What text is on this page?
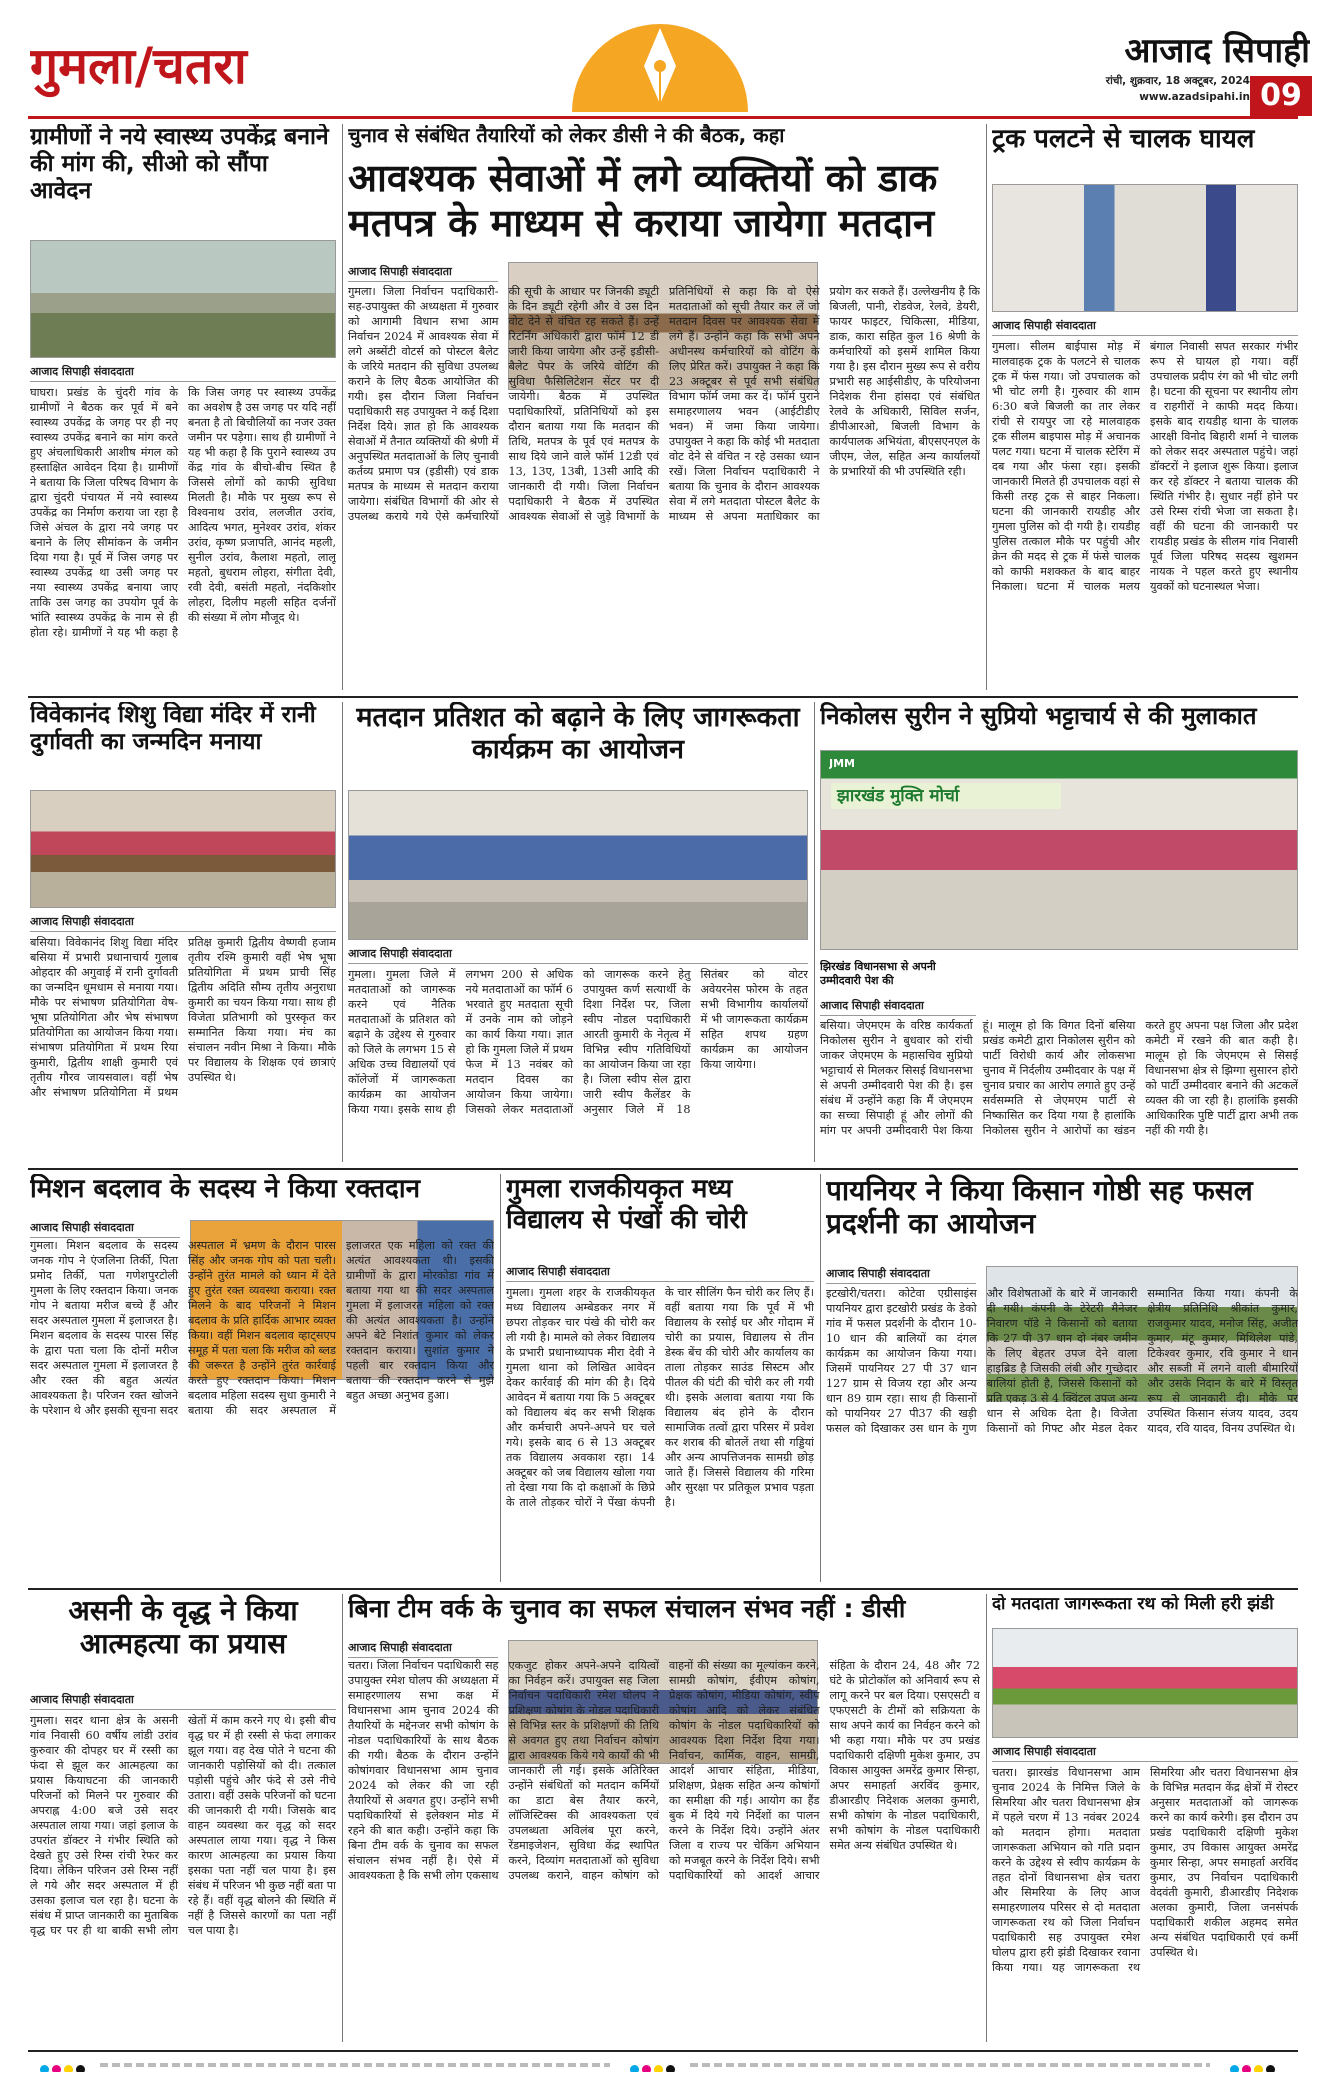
गुमला/चतरा	आजाद सिपाही
रांची, शुक्रवार, 18 अक्टूबर, 2024
www.azadsipahi.in 09
ग्रामीणों ने नये स्वास्थ्य उपकेंद्र बनाने की मांग की, सीओ को सौंपा आवेदन
आजाद सिपाही संवाददाता
घाघरा। प्रखंड के चुंदरी गांव के ग्रामीणों ने बैठक कर पूर्व में बने स्वास्थ्य उपकेंद्र के जगह पर ही नए स्वास्थ्य उपकेंद्र बनाने का मांग करते हुए अंचलाधिकारी आशीष मंगल को हस्ताक्षित आवेदन दिया है। ग्रामीणों ने बताया कि जिला परिषद विभाग के द्वारा चुंदरी पंचायत में नये स्वास्थ्य उपकेंद्र का निर्माण कराया जा रहा है जिसे अंचल के द्वारा नये जगह पर बनाने के लिए सीमांकन के जमीन दिया गया है। पूर्व में जिस जगह पर स्वास्थ्य उपकेंद्र था उसी जगह पर नया स्वास्थ्य उपकेंद्र बनाया जाए ताकि उस जगह का उपयोग पूर्व के भांति स्वास्थ्य उपकेंद्र के नाम से ही होता रहे। ग्रामीणों ने यह भी कहा है कि जिस जगह पर स्वास्थ्य उपकेंद्र का अवशेष है उस जगह पर यदि नहीं बनता है तो बिचौलियों का नजर उक्त जमीन पर पड़ेगा। साथ ही ग्रामीणों ने यह भी कहा है कि पुराने स्वास्थ्य उप केंद्र गांव के बीचो-बीच स्थित है जिससे लोगों को काफी सुविधा मिलती है। मौके पर मुख्य रूप से विश्वनाथ उरांव, ललजीत उरांव, आदित्य भगत, मुनेश्वर उरांव, शंकर उरांव, कृष्ण प्रजापति, आनंद महली, सुनील उरांव, कैलाश महतो, लालू महतो, बुधराम लोहरा, संगीता देवी, रवी देवी, बसंती महतो, नंदकिशोर लोहरा, दिलीप महली सहित दर्जनों की संख्या में लोग मौजूद थे।
चुनाव से संबंधित तैयारियों को लेकर डीसी ने की बैठक, कहा
आवश्यक सेवाओं में लगे व्यक्तियों को डाक मतपत्र के माध्यम से कराया जायेगा मतदान
आजाद सिपाही संवाददाता
गुमला। जिला निर्वाचन पदाधिकारी-सह-उपायुक्त की अध्यक्षता में गुरुवार को आगामी विधान सभा आम निर्वाचन 2024 में आवश्यक सेवा में लगे अब्सेंटी वोटर्स को पोस्टल बैलेट के जरिये मतदान की सुविधा उपलब्ध कराने के लिए बैठक आयोजित की गयी। इस दौरान जिला निर्वाचन पदाधिकारी सह उपायुक्त ने कई दिशा निर्देश दिये। ज्ञात हो कि आवश्यक सेवाओं में तैनात व्यक्तियों की श्रेणी में अनुपस्थित मतदाताओं के लिए चुनावी कर्तव्य प्रमाण पत्र (इडीसी) एवं डाक मतपत्र के माध्यम से मतदान कराया जायेगा। संबंधित विभागों की ओर से उपलब्ध कराये गये ऐसे कर्मचारियों की सूची के आधार पर जिनकी ड्यूटी के दिन ड्यूटी रहेगी और वे उस दिन वोट देने से वंचित रह सकते हैं। उन्हें रिटर्निंग अधिकारी द्वारा फॉर्म 12 डी जारी किया जायेगा और उन्हें इडीसी-बैलेट पेपर के जरिये वोटिंग की सुविधा फैसिलिटेशन सेंटर पर दी जायेगी। बैठक में उपस्थित पदाधिकारियों, प्रतिनिधियों को इस दौरान बताया गया कि मतदान की तिथि, मतपत्र के पूर्व एवं मतपत्र के साथ दिये जाने वाले फॉर्म 12डी एवं 13, 13ए, 13बी, 13सी आदि की जानकारी दी गयी। जिला निर्वाचन पदाधिकारी ने बैठक में उपस्थित आवश्यक सेवाओं से जुड़े विभागों के प्रतिनिधियों से कहा कि वो ऐसे मतदाताओं को सूची तैयार कर लें जो मतदान दिवस पर आवश्यक सेवा में लगे हैं। उन्होंने कहा कि सभी अपने अधीनस्थ कर्मचारियों को वोटिंग के लिए प्रेरित करें। उपायुक्त ने कहा कि 23 अक्टूबर से पूर्व सभी संबंधित विभाग फॉर्म जमा कर दें। फॉर्म पुराने समाहरणालय भवन (आईटीडीए भवन) में जमा किया जायेगा। उपायुक्त ने कहा कि कोई भी मतदाता वोट देने से वंचित न रहे उसका ध्यान रखें। जिला निर्वाचन पदाधिकारी ने बताया कि चुनाव के दौरान आवश्यक सेवा में लगे मतदाता पोस्टल बैलेट के माध्यम से अपना मताधिकार का प्रयोग कर सकते हैं। उल्लेखनीय है कि बिजली, पानी, रोडवेज, रेलवे, डेयरी, फायर फाइटर, चिकित्सा, मीडिया, डाक, कारा सहित कुल 16 श्रेणी के कर्मचारियों को इसमें शामिल किया गया है। इस दौरान मुख्य रूप से वरीय प्रभारी सह आईसीडीए, के परियोजना निदेशक रीना हांसदा एवं संबंधित रेलवे के अधिकारी, सिविल सर्जन, डीपीआरओ, बिजली विभाग के कार्यपालक अभियंता, बीएसएनएल के जीएम, जेल, सहित अन्य कार्यालयों के प्रभारियों की भी उपस्थिति रही।
ट्रक पलटने से चालक घायल
आजाद सिपाही संवाददाता
गुमला। सीलम बाईपास मोड़ में मालवाहक ट्रक के पलटने से चालक ट्रक में फंस गया। जो उपचालक को भी चोट लगी है। गुरुवार की शाम 6:30 बजे बिजली का तार लेकर रांची से रायपुर जा रहे मालवाहक ट्रक सीलम बाइपास मोड़ में अचानक पलट गया। घटना में चालक स्टेरिंग में दब गया और फंसा रहा। इसकी जानकारी मिलते ही उपचालक वहां से किसी तरह ट्रक से बाहर निकला। घटना की जानकारी रायडीह और गुमला पुलिस को दी गयी है। रायडीह पुलिस तत्काल मौके पर पहुंची और क्रेन की मदद से ट्रक में फंसे चालक को काफी मशक्कत के बाद बाहर निकाला। घटना में चालक मलय बंगाल निवासी सपत सरकार गंभीर रूप से घायल हो गया। वहीं उपचालक प्रदीप रंग को भी चोट लगी है। घटना की सूचना पर स्थानीय लोग व राहगीरों ने काफी मदद किया। इसके बाद रायडीह थाना के चालक आरक्षी विनोद बिहारी शर्मा ने चालक को लेकर सदर अस्पताल पहुंचे। जहां डॉक्टरों ने इलाज शुरू किया। इलाज कर रहे डॉक्टर ने बताया चालक की स्थिति गंभीर है। सुधार नहीं होने पर उसे रिम्स रांची भेजा जा सकता है। वहीं की घटना की जानकारी पर रायडीह प्रखंड के सीलम गांव निवासी पूर्व जिला परिषद सदस्य खुशमन नायक ने पहल करते हुए स्थानीय युवकों को घटनास्थल भेजा।
विवेकानंद शिशु विद्या मंदिर में रानी दुर्गावती का जन्मदिन मनाया
आजाद सिपाही संवाददाता
बसिया। विवेकानंद शिशु विद्या मंदिर बसिया में प्रभारी प्रधानाचार्य गुलाब ओहदार की अगुवाई में रानी दुर्गावती का जन्मदिन धूमधाम से मनाया गया। मौके पर संभाषण प्रतियोगिता वेष-भूषा प्रतियोगिता और भेष संभाषण प्रतियोगिता का आयोजन किया गया। संभाषण प्रतियोगिता में प्रथम रिया कुमारी, द्वितीय शाक्षी कुमारी एवं तृतीय गौरव जायसवाल। वहीं भेष और संभाषण प्रतियोगिता में प्रथम प्रतिक्ष कुमारी द्वितीय वेष्णवी हजाम तृतीय रश्मि कुमारी वहीं भेष भूषा प्रतियोगिता में प्रथम प्राची सिंह द्वितीय अदिति सौम्य तृतीय अनुराधा कुमारी का चयन किया गया। साथ ही विजेता प्रतिभागी को पुरस्कृत कर सम्मानित किया गया। मंच का संचालन नवीन मिश्रा ने किया। मौके पर विद्यालय के शिक्षक एवं छात्राएं उपस्थित थे।
मतदान प्रतिशत को बढ़ाने के लिए जागरूकता कार्यक्रम का आयोजन
आजाद सिपाही संवाददाता
गुमला। गुमला जिले में मतदाताओं को जागरूक करने एवं नैतिक मतदाताओं के प्रतिशत को बढ़ाने के उद्देश्य से गुरुवार को जिले के लगभग 15 से अधिक उच्च विद्यालयों एवं कॉलेजों में जागरूकता कार्यक्रम का आयोजन किया गया। इसके साथ ही लगभग 200 से अधिक नये मतदाताओं का फॉर्म 6 भरवाते हुए मतदाता सूची में उनके नाम को जोड़ने का कार्य किया गया। ज्ञात हो कि गुमला जिले में प्रथम फेज में 13 नवंबर को मतदान दिवस का आयोजन किया जायेगा। जिसको लेकर मतदाताओं को जागरूक करने हेतु उपायुक्त कर्ण सत्यार्थी के दिशा निर्देश पर, जिला स्वीप नोडल पदाधिकारी आरती कुमारी के नेतृत्व में विभिन्न स्वीप गतिविधियों का आयोजन किया जा रहा है। जिला स्वीप सेल द्वारा जारी स्वीप कैलेंडर के अनुसार जिले में 18 सितंबर को वोटर अवेयरनेस फोरम के तहत सभी विभागीय कार्यालयों में भी जागरूकता कार्यक्रम सहित शपथ ग्रहण कार्यक्रम का आयोजन किया जायेगा।
निकोलस सुरीन ने सुप्रियो भट्टाचार्य से की मुलाकात
JMM
झारखंड मुक्ति मोर्चा
झिरखंड विधानसभा से अपनी उम्मीदवारी पेश की
आजाद सिपाही संवाददाता
बसिया। जेएमएम के वरिष्ठ कार्यकर्ता निकोलस सुरीन ने बुधवार को रांची जाकर जेएमएम के महासचिव सुप्रियो भट्टाचार्य से मिलकर सिसई विधानसभा से अपनी उम्मीदवारी पेश की है। इस संबंध में उन्होंने कहा कि मैं जेएमएम का सच्चा सिपाही हूं और लोगों की मांग पर अपनी उम्मीदवारी पेश किया हूं। मालूम हो कि विगत दिनों बसिया प्रखंड कमेटी द्वारा निकोलस सुरीन को पार्टी विरोधी कार्य और लोकसभा चुनाव में निर्दलीय उम्मीदवार के पक्ष में चुनाव प्रचार का आरोप लगाते हुए उन्हें सर्वसम्मति से जेएमएम पार्टी से निष्कासित कर दिया गया है हालांकि निकोलस सुरीन ने आरोपों का खंडन करते हुए अपना पक्ष जिला और प्रदेश कमेटी में रखने की बात कही है। मालूम हो कि जेएमएम से सिसई विधानसभा क्षेत्र से झिग्गा सुसारन होरो को पार्टी उम्मीदवार बनाने की अटकलें व्यक्त की जा रही है। हालांकि इसकी आधिकारिक पुष्टि पार्टी द्वारा अभी तक नहीं की गयी है।
मिशन बदलाव के सदस्य ने किया रक्तदान
आजाद सिपाही संवाददाता
गुमला। मिशन बदलाव के सदस्य जनक गोप ने एंजलिना तिर्की, पिता प्रमोद तिर्की, पता गणेशपुरटोली गुमला के लिए रक्तदान किया। जनक गोप ने बताया मरीज बच्चे हैं और सदर अस्पताल गुमला में इलाजरत है। मिशन बदलाव के सदस्य पारस सिंह के द्वारा पता चला कि दोनों मरीज सदर अस्पताल गुमला में इलाजरत है और रक्त की बहुत अत्यंत आवश्यकता है। परिजन रक्त खोजने के परेशान थे और इसकी सूचना सदर अस्पताल में भ्रमण के दौरान पारस सिंह और जनक गोप को पता चली। उन्होंने तुरंत मामले को ध्यान में देते हुए तुरंत रक्त व्यवस्था कराया। रक्त मिलने के बाद परिजनों ने मिशन बदलाव के प्रति हार्दिक आभार व्यक्त किया। वहीं मिशन बदलाव व्हाट्सएप समूह में पता चला कि मरीज को ब्लड की जरूरत है उन्होंने तुरंत कार्रवाई करते हुए रक्तदान किया। मिशन बदलाव महिला सदस्य सुधा कुमारी ने बताया की सदर अस्पताल में इलाजरत एक महिला को रक्त की अत्यंत आवश्यकता थी। इसकी ग्रामीणों के द्वारा मोरकोडा गांव में बताया गया था की सदर अस्पताल गुमला में इलाजरत महिला को रक्त की अत्यंत आवश्यकता है। उन्होंने अपने बेटे निशांत कुमार को लेकर रक्तदान कराया। सुशांत कुमार ने पहली बार रक्तदान किया और बताया की रक्तदान करने से मुझे बहुत अच्छा अनुभव हुआ।
गुमला राजकीयकृत मध्य विद्यालय से पंखों की चोरी
आजाद सिपाही संवाददाता
गुमला। गुमला शहर के राजकीयकृत मध्य विद्यालय अम्बेडकर नगर में छपरा तोड़कर चार पंखे की चोरी कर ली गयी है। मामले को लेकर विद्यालय के प्रभारी प्रधानाध्यापक मीरा देवी ने गुमला थाना को लिखित आवेदन देकर कार्रवाई की मांग की है। दिये आवेदन में बताया गया कि 5 अक्टूबर को विद्यालय बंद कर सभी शिक्षक और कर्मचारी अपने-अपने घर चले गये। इसके बाद 6 से 13 अक्टूबर तक विद्यालय अवकाश रहा। 14 अक्टूबर को जब विद्यालय खोला गया तो देखा गया कि दो कक्षाओं के छिप्रे के ताले तोड़कर चोरों ने पेंखा कंपनी के चार सीलिंग फैन चोरी कर लिए हैं। वहीं बताया गया कि पूर्व में भी विद्यालय के रसोई घर और गोदाम में चोरी का प्रयास, विद्यालय से तीन डेस्क बेंच की चोरी और कार्यालय का ताला तोड़कर साउंड सिस्टम और पीतल की घंटी की चोरी कर ली गयी थी। इसके अलावा बताया गया कि विद्यालय बंद होने के दौरान सामाजिक तत्वों द्वारा परिसर में प्रवेश कर शराब की बोतलें तथा सी गड्डियां और अन्य आपत्तिजनक सामग्री छोड़ जाते हैं। जिससे विद्यालय की गरिमा और सुरक्षा पर प्रतिकूल प्रभाव पड़ता है।
पायनियर ने किया किसान गोष्ठी सह फसल प्रदर्शनी का आयोजन
आजाद सिपाही संवाददाता
इटखोरी/चतरा। कोटेवा एग्रीसाइंस पायनियर द्वारा इटखोरी प्रखंड के डेको गांव में फसल प्रदर्शनी के दौरान 10-10 धान की बालियों का दंगल कार्यक्रम का आयोजन किया गया। जिसमें पायनियर 27 पी 37 धान 127 ग्राम से विजय रहा और अन्य धान 89 ग्राम रहा। साथ ही किसानों को पायनियर 27 पी37 की खड़ी फसल को दिखाकर उस धान के गुण और विशेषताओं के बारे में जानकारी दी गयी। कंपनी के टेरेटरी मैनेजर निवारण पॉडे ने किसानों को बताया कि 27 पी 37 धान दो नंबर जमीन के लिए बेहतर उपज देने वाला हाइब्रिड है जिसकी लंबी और गुच्छेदार बालियां होती है, जिससे किसानों को प्रति एकड़ 3 से 4 क्विंटल उपज अन्य धान से अधिक देता है। विजेता किसानों को गिफ्ट और मेडल देकर सम्मानित किया गया। कंपनी के क्षेत्रीय प्रतिनिधि श्रीकांत कुमार, राजकुमार यादव, मनोज सिंह, अजीत कुमार, मंटू कुमार, मिथिलेश पांडे, टिकेश्वर कुमार, रवि कुमार ने धान और सब्जी में लगने वाली बीमारियों और उसके निदान के बारे में विस्तृत रूप से जानकारी दी। मौके पर उपस्थित किसान संजय यादव, उदय यादव, रवि यादव, विनय उपस्थित थे।
असनी के वृद्ध ने किया आत्महत्या का प्रयास
आजाद सिपाही संवाददाता
गुमला। सदर थाना क्षेत्र के असनी गांव निवासी 60 वर्षीय लांडी उरांव कुरुवार की दोपहर घर में रस्सी का फंदा से झूल कर आत्महत्या का प्रयास कियाघटना की जानकारी परिजनों को मिलने पर गुरुवार की अपराह्न 4:00 बजे उसे सदर अस्पताल लाया गया। जहां इलाज के उपरांत डॉक्टर ने गंभीर स्थिति को देखते हुए उसे रिम्स रांची रेफर कर दिया। लेकिन परिजन उसे रिम्स नहीं ले गये और सदर अस्पताल में ही उसका इलाज चल रहा है। घटना के संबंध में प्राप्त जानकारी का मुताबिक वृद्ध घर पर ही था बाकी सभी लोग खेतों में काम करने गए थे। इसी बीच वृद्ध घर में ही रस्सी से फंदा लगाकर झूल गया। वह देख पोते ने घटना की जानकारी पड़ोसियों को दी। तत्काल पड़ोसी पहुंचे और फंदे से उसे नीचे उतारा। वहीं उसके परिजनों को घटना की जानकारी दी गयी। जिसके बाद वाहन व्यवस्था कर वृद्ध को सदर अस्पताल लाया गया। वृद्ध ने किस कारण आत्महत्या का प्रयास किया इसका पता नहीं चल पाया है। इस संबंध में परिजन भी कुछ नहीं बता पा रहे हैं। वहीं वृद्ध बोलने की स्थिति में नहीं है जिससे कारणों का पता नहीं चल पाया है।
बिना टीम वर्क के चुनाव का सफल संचालन संभव नहीं : डीसी
आजाद सिपाही संवाददाता
चतरा। जिला निर्वाचन पदाधिकारी सह उपायुक्त रमेश घोलप की अध्यक्षता में समाहरणालय सभा कक्ष में विधानसभा आम चुनाव 2024 की तैयारियों के मद्देनजर सभी कोषांग के नोडल पदाधिकारियों के साथ बैठक की गयी। बैठक के दौरान उन्होंने कोषांगवार विधानसभा आम चुनाव 2024 को लेकर की जा रही तैयारियों से अवगत हुए। उन्होंने सभी पदाधिकारियों से इलेक्शन मोड में रहने की बात कही। उन्होंने कहा कि बिना टीम वर्क के चुनाव का सफल संचालन संभव नहीं है। ऐसे में आवश्यकता है कि सभी लोग एकसाथ एकजुट होकर अपने-अपने दायित्वों का निर्वहन करें। उपायुक्त सह जिला निर्वाचन पदाधिकारी रमेश घोलप ने प्रशिक्षण कोषांग के नोडल पदाधिकारी से विभिन्न स्तर के प्रशिक्षणों की तिथि से अवगत हुए तथा निर्वाचन कोषांग द्वारा आवश्यक किये गये कार्यों की भी जानकारी ली गई। इसके अतिरिक्त उन्होंने संबंधितों को मतदान कर्मियों का डाटा बेस तैयार करने, लॉजिस्टिक्स की आवश्यकता एवं उपलब्धता अविलंब पूरा करने, रेंडमाइजेशन, सुविधा केंद्र स्थापित करने, दिव्यांग मतदाताओं को सुविधा उपलब्ध कराने, वाहन कोषांग को वाहनों की संख्या का मूल्यांकन करने, सामग्री कोषांग, ईवीएम कोषांग, प्रेक्षक कोषांग, मीडिया कोषांग, स्वीप कोषांग आदि को लेकर संबंधित कोषांग के नोडल पदाधिकारियों को आवश्यक दिशा निर्देश दिया गया। निर्वाचन, कार्मिक, वाहन, सामग्री, आदर्श आचार संहिता, मीडिया, प्रशिक्षण, प्रेक्षक सहित अन्य कोषांगों का समीक्षा की गई। आयोग का हैंड बुक में दिये गये निर्देशों का पालन करने के निर्देश दिये। उन्होंने अंतर जिला व राज्य पर चेकिंग अभियान को मजबूत करने के निर्देश दिये। सभी पदाधिकारियों को आदर्श आचार संहिता के दौरान 24, 48 और 72 घंटे के प्रोटोकॉल को अनिवार्य रूप से लागू करने पर बल दिया। एसएसटी व एफएसटी के टीमों को सक्रियता के साथ अपने कार्य का निर्वहन करने को भी कहा गया। मौके पर उप प्रखंड पदाधिकारी दक्षिणी मुकेश कुमार, उप विकास आयुक्त अमरेंद्र कुमार सिन्हा, अपर समाहर्ता अरविंद कुमार, डीआरडीए निदेशक अलका कुमारी, सभी कोषांग के नोडल पदाधिकारी, सभी कोषांग के नोडल पदाधिकारी समेत अन्य संबंधित उपस्थित थे।
दो मतदाता जागरूकता रथ को मिली हरी झंडी
आजाद सिपाही संवाददाता
चतरा। झारखंड विधानसभा आम चुनाव 2024 के निमित्त जिले के सिमरिया और चतरा विधानसभा क्षेत्र में पहले चरण में 13 नवंबर 2024 को मतदान होगा। मतदाता जागरूकता अभियान को गति प्रदान करने के उद्देश्य से स्वीप कार्यक्रम के तहत दोनों विधानसभा क्षेत्र चतरा और सिमरिया के लिए आज समाहरणालय परिसर से दो मतदाता जागरूकता रथ को जिला निर्वाचन पदाधिकारी सह उपायुक्त रमेश घोलप द्वारा हरी झंडी दिखाकर रवाना किया गया। यह जागरूकता रथ सिमरिया और चतरा विधानसभा क्षेत्र के विभिन्न मतदान केंद्र क्षेत्रों में रोस्टर अनुसार मतदाताओं को जागरूक करने का कार्य करेगी। इस दौरान उप प्रखंड पदाधिकारी दक्षिणी मुकेश कुमार, उप विकास आयुक्त अमरेंद्र कुमार सिन्हा, अपर समाहर्ता अरविंद कुमार, उप निर्वाचन पदाधिकारी वेदवंती कुमारी, डीआरडीए निदेशक अलका कुमारी, जिला जनसंपर्क पदाधिकारी शकील अहमद समेत अन्य संबंधित पदाधिकारी एवं कर्मी उपस्थित थे।
